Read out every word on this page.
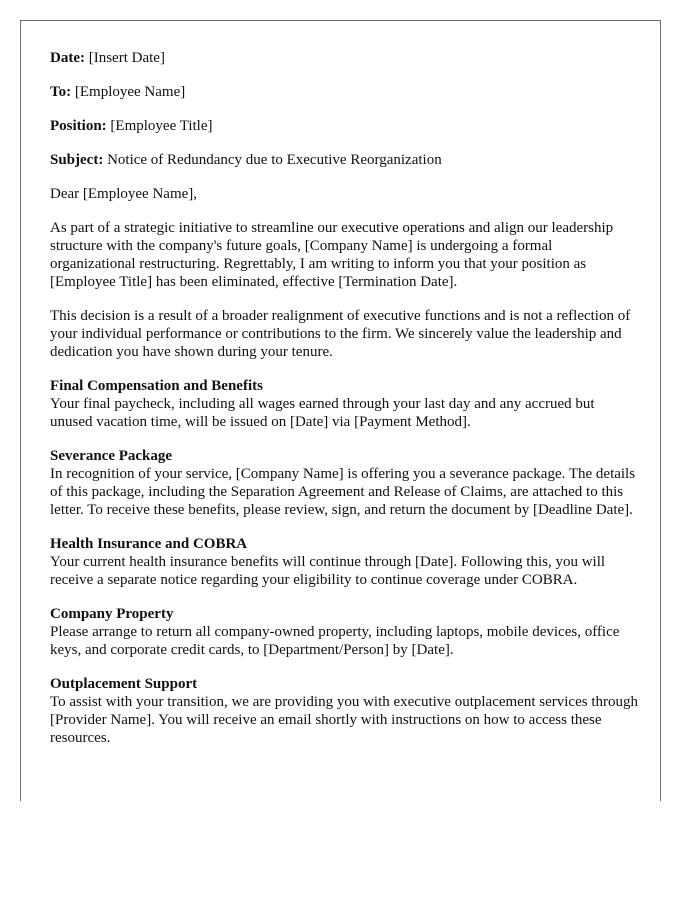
Date: [Insert Date]
To: [Employee Name]
Position: [Employee Title]
Subject: Notice of Redundancy due to Executive Reorganization

Dear [Employee Name],

As part of a strategic initiative to streamline our executive operations and align our leadership structure with the company's future goals, [Company Name] is undergoing a formal organizational restructuring. Regrettably, I am writing to inform you that your position as [Employee Title] has been eliminated, effective [Termination Date].

This decision is a result of a broader realignment of executive functions and is not a reflection of your individual performance or contributions to the firm. We sincerely value the leadership and dedication you have shown during your tenure.

Final Compensation and Benefits
Your final paycheck, including all wages earned through your last day and any accrued but unused vacation time, will be issued on [Date] via [Payment Method].
Severance Package
In recognition of your service, [Company Name] is offering you a severance package. The details of this package, including the Separation Agreement and Release of Claims, are attached to this letter. To receive these benefits, please review, sign, and return the document by [Deadline Date].
Health Insurance and COBRA
Your current health insurance benefits will continue through [Date]. Following this, you will receive a separate notice regarding your eligibility to continue coverage under COBRA.
Company Property
Please arrange to return all company-owned property, including laptops, mobile devices, office keys, and corporate credit cards, to [Department/Person] by [Date].
Outplacement Support
To assist with your transition, we are providing you with executive outplacement services through [Provider Name]. You will receive an email shortly with instructions on how to access these resources.
